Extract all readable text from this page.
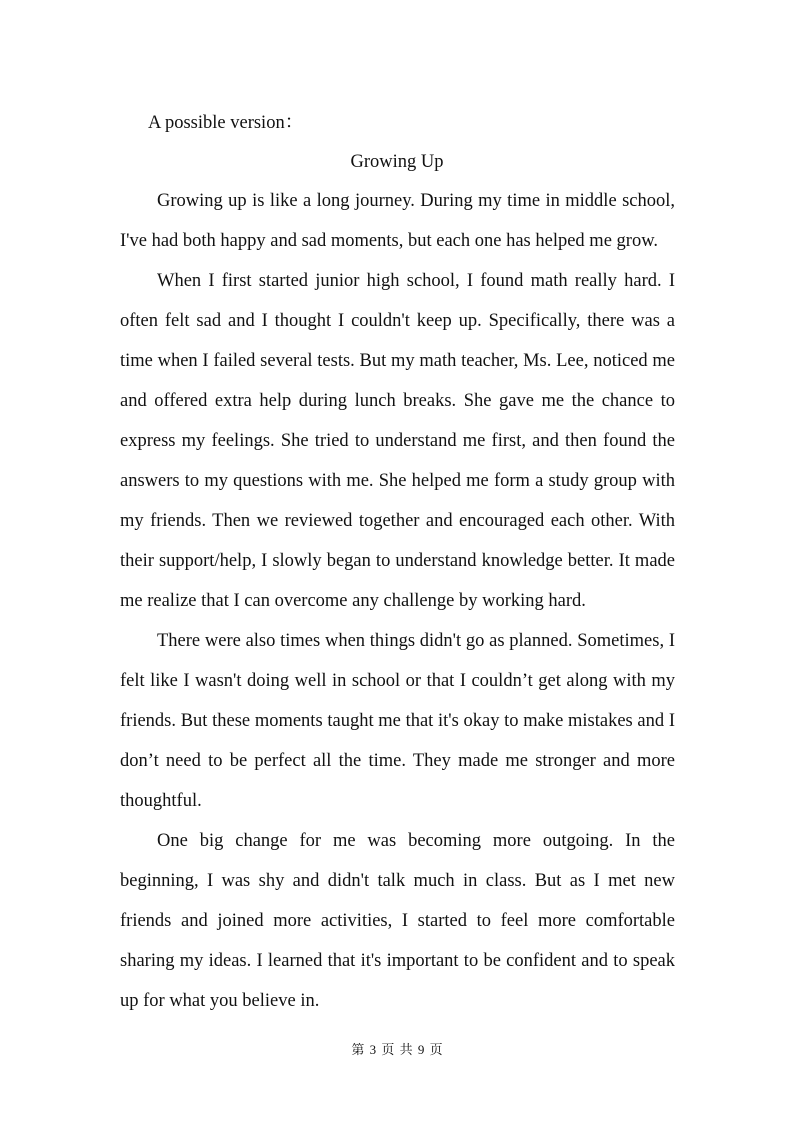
A possible version：
Growing Up

Growing up is like a long journey. During my time in middle school, I've had both happy and sad moments, but each one has helped me grow.

When I first started junior high school, I found math really hard. I often felt sad and I thought I couldn't keep up. Specifically, there was a time when I failed several tests. But my math teacher, Ms. Lee, noticed me and offered extra help during lunch breaks. She gave me the chance to express my feelings. She tried to understand me first, and then found the answers to my questions with me. She helped me form a study group with my friends. Then we reviewed together and encouraged each other. With their support/help, I slowly began to understand knowledge better. It made me realize that I can overcome any challenge by working hard.

There were also times when things didn't go as planned. Sometimes, I felt like I wasn't doing well in school or that I couldn’t get along with my friends. But these moments taught me that it's okay to make mistakes and I don’t need to be perfect all the time. They made me stronger and more thoughtful.

One big change for me was becoming more outgoing. In the beginning, I was shy and didn't talk much in class. But as I met new friends and joined more activities, I started to feel more comfortable sharing my ideas. I learned that it's important to be confident and to speak up for what you believe in.

第 3 页 共 9 页
